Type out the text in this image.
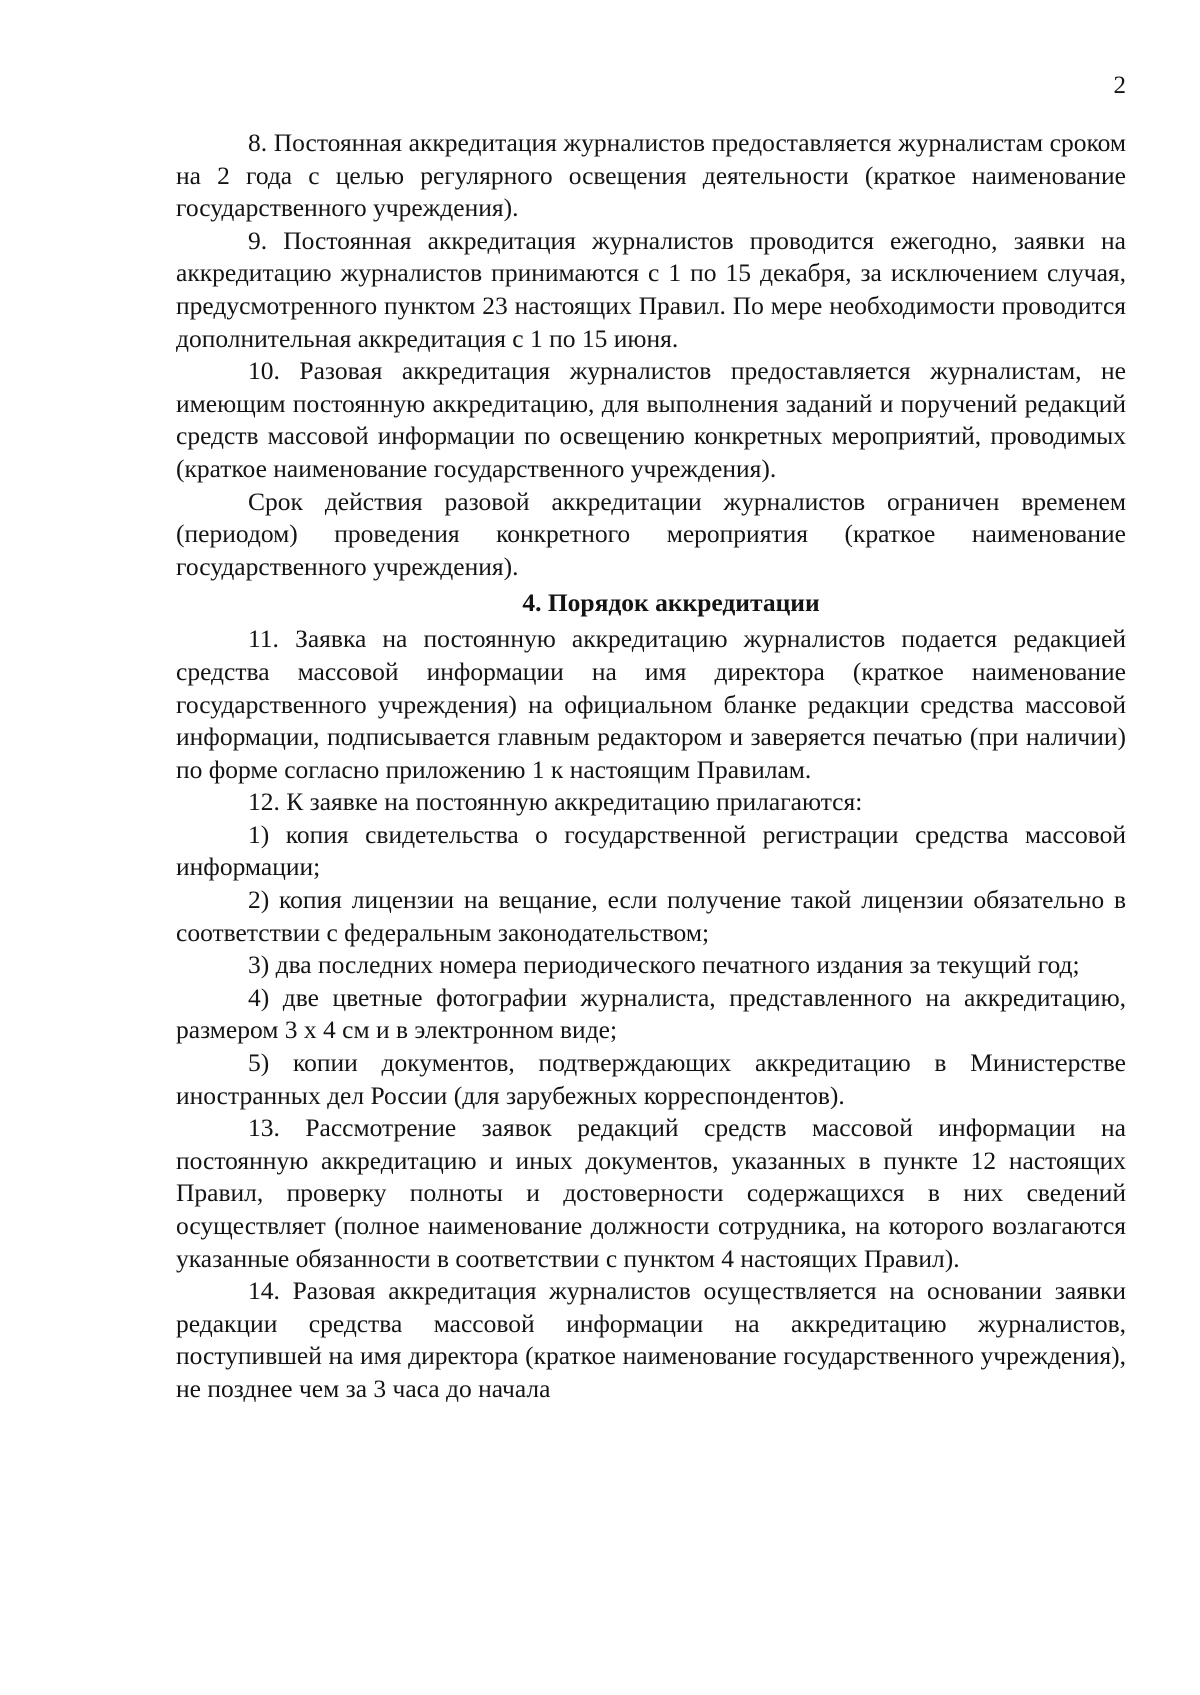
2

8. Постоянная аккредитация журналистов предоставляется журналистам сроком на 2 года с целью регулярного освещения деятельности (краткое наименование государственного учреждения).

9. Постоянная аккредитация журналистов проводится ежегодно, заявки на аккредитацию журналистов принимаются с 1 по 15 декабря, за исключением случая, предусмотренного пунктом 23 настоящих Правил. По мере необходимости проводится дополнительная аккредитация с 1 по 15 июня.

10. Разовая аккредитация журналистов предоставляется журналистам, не имеющим постоянную аккредитацию, для выполнения заданий и поручений редакций средств массовой информации по освещению конкретных мероприятий, проводимых (краткое наименование государственного учреждения).

Срок действия разовой аккредитации журналистов ограничен временем (периодом) проведения конкретного мероприятия (краткое наименование государственного учреждения).

4. Порядок аккредитации

11. Заявка на постоянную аккредитацию журналистов подается редакцией средства массовой информации на имя директора (краткое наименование государственного учреждения) на официальном бланке редакции средства массовой информации, подписывается главным редактором и заверяется печатью (при наличии) по форме согласно приложению 1 к настоящим Правилам.

12. К заявке на постоянную аккредитацию прилагаются:

1) копия свидетельства о государственной регистрации средства массовой информации;

2) копия лицензии на вещание, если получение такой лицензии обязательно в соответствии с федеральным законодательством;

3) два последних номера периодического печатного издания за текущий год;

4) две цветные фотографии журналиста, представленного на аккредитацию, размером 3 х 4 см и в электронном виде;

5) копии документов, подтверждающих аккредитацию в Министерстве иностранных дел России (для зарубежных корреспондентов).

13. Рассмотрение заявок редакций средств массовой информации на постоянную аккредитацию и иных документов, указанных в пункте 12 настоящих Правил, проверку полноты и достоверности содержащихся в них сведений осуществляет (полное наименование должности сотрудника, на которого возлагаются указанные обязанности в соответствии с пунктом 4 настоящих Правил).

14. Разовая аккредитация журналистов осуществляется на основании заявки редакции средства массовой информации на аккредитацию журналистов, поступившей на имя директора (краткое наименование государственного учреждения), не позднее чем за 3 часа до начала
